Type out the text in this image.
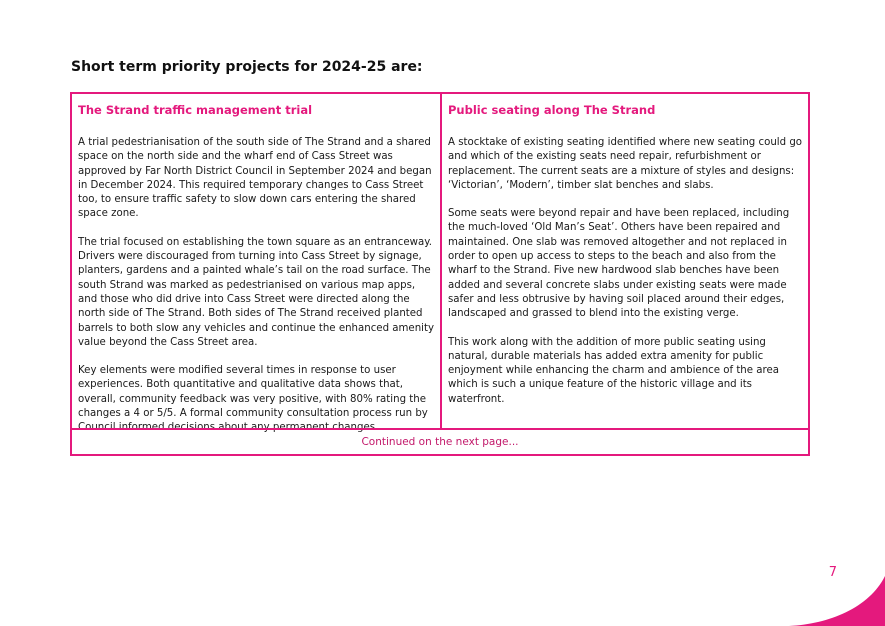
Short term priority projects for 2024-25 are:
The Strand traffic management trial

A trial pedestrianisation of the south side of The Strand and a shared space on the north side and the wharf end of Cass Street was approved by Far North District Council in September 2024 and began in December 2024. This required temporary changes to Cass Street too, to ensure traffic safety to slow down cars entering the shared space zone.

The trial focused on establishing the town square as an entranceway. Drivers were discouraged from turning into Cass Street by signage, planters, gardens and a painted whale’s tail on the road surface. The south Strand was marked as pedestrianised on various map apps, and those who did drive into Cass Street were directed along the north side of The Strand. Both sides of The Strand received planted barrels to both slow any vehicles and continue the enhanced amenity value beyond the Cass Street area.

Key elements were modified several times in response to user experiences. Both quantitative and qualitative data shows that, overall, community feedback was very positive, with 80% rating the changes a 4 or 5/5. A formal community consultation process run by Council informed decisions about any permanent changes.

Public seating along The Strand

A stocktake of existing seating identified where new seating could go and which of the existing seats need repair, refurbishment or replacement. The current seats are a mixture of styles and designs: ‘Victorian’, ‘Modern’, timber slat benches and slabs.

Some seats were beyond repair and have been replaced, including the much-loved ‘Old Man’s Seat’. Others have been repaired and maintained. One slab was removed altogether and not replaced in order to open up access to steps to the beach and also from the wharf to the Strand. Five new hardwood slab benches have been added and several concrete slabs under existing seats were made safer and less obtrusive by having soil placed around their edges, landscaped and grassed to blend into the existing verge.

This work along with the addition of more public seating using natural, durable materials has added extra amenity for public enjoyment while enhancing the charm and ambience of the area which is such a unique feature of the historic village and its waterfront.

Continued on the next page...
7
